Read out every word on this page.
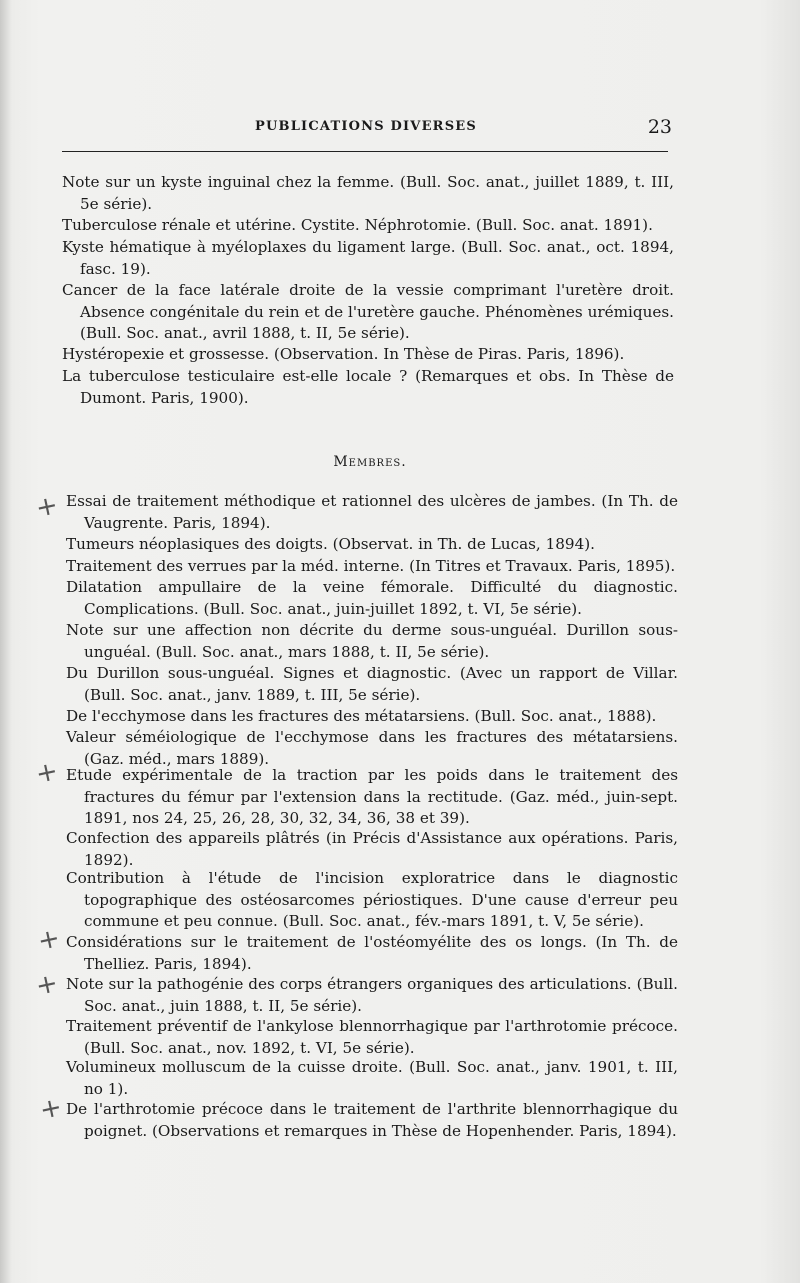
PUBLICATIONS DIVERSES	23
Note sur un kyste inguinal chez la femme. (Bull. Soc. anat., juillet 1889, t. III, 5e série).
Tuberculose rénale et utérine. Cystite. Néphrotomie. (Bull. Soc. anat. 1891).
Kyste hématique à myéloplaxes du ligament large. (Bull. Soc. anat., oct. 1894, fasc. 19).
Cancer de la face latérale droite de la vessie comprimant l'uretère droit. Absence congénitale du rein et de l'uretère gauche. Phénomènes urémiques. (Bull. Soc. anat., avril 1888, t. II, 5e série).
Hystéropexie et grossesse. (Observation. In Thèse de Piras. Paris, 1896).
La tuberculose testiculaire est-elle locale ? (Remarques et obs. In Thèse de Dumont. Paris, 1900).
Membres.
Essai de traitement méthodique et rationnel des ulcères de jambes. (In Th. de Vaugrente. Paris, 1894).
Tumeurs néoplasiques des doigts. (Observat. in Th. de Lucas, 1894).
Traitement des verrues par la méd. interne. (In Titres et Travaux. Paris, 1895).
Dilatation ampullaire de la veine fémorale. Difficulté du diagnostic. Complications. (Bull. Soc. anat., juin-juillet 1892, t. VI, 5e série).
Note sur une affection non décrite du derme sous-unguéal. Durillon sous-unguéal. (Bull. Soc. anat., mars 1888, t. II, 5e série).
Du Durillon sous-unguéal. Signes et diagnostic. (Avec un rapport de Villar. (Bull. Soc. anat., janv. 1889, t. III, 5e série).
De l'ecchymose dans les fractures des métatarsiens. (Bull. Soc. anat., 1888).
Valeur séméiologique de l'ecchymose dans les fractures des métatarsiens. (Gaz. méd., mars 1889).
Etude expérimentale de la traction par les poids dans le traitement des fractures du fémur par l'extension dans la rectitude. (Gaz. méd., juin-sept. 1891, nos 24, 25, 26, 28, 30, 32, 34, 36, 38 et 39).
Confection des appareils plâtrés (in Précis d'Assistance aux opérations. Paris, 1892).
Contribution à l'étude de l'incision exploratrice dans le diagnostic topographique des ostéosarcomes périostiques. D'une cause d'erreur peu commune et peu connue. (Bull. Soc. anat., fév.-mars 1891, t. V, 5e série).
Considérations sur le traitement de l'ostéomyélite des os longs. (In Th. de Thelliez. Paris, 1894).
Note sur la pathogénie des corps étrangers organiques des articulations. (Bull. Soc. anat., juin 1888, t. II, 5e série).
Traitement préventif de l'ankylose blennorrhagique par l'arthrotomie précoce. (Bull. Soc. anat., nov. 1892, t. VI, 5e série).
Volumineux molluscum de la cuisse droite. (Bull. Soc. anat., janv. 1901, t. III, no 1).
De l'arthrotomie précoce dans le traitement de l'arthrite blennorrhagique du poignet. (Observations et remarques in Thèse de Hopenhender. Paris, 1894).
+
+
+
+
+
